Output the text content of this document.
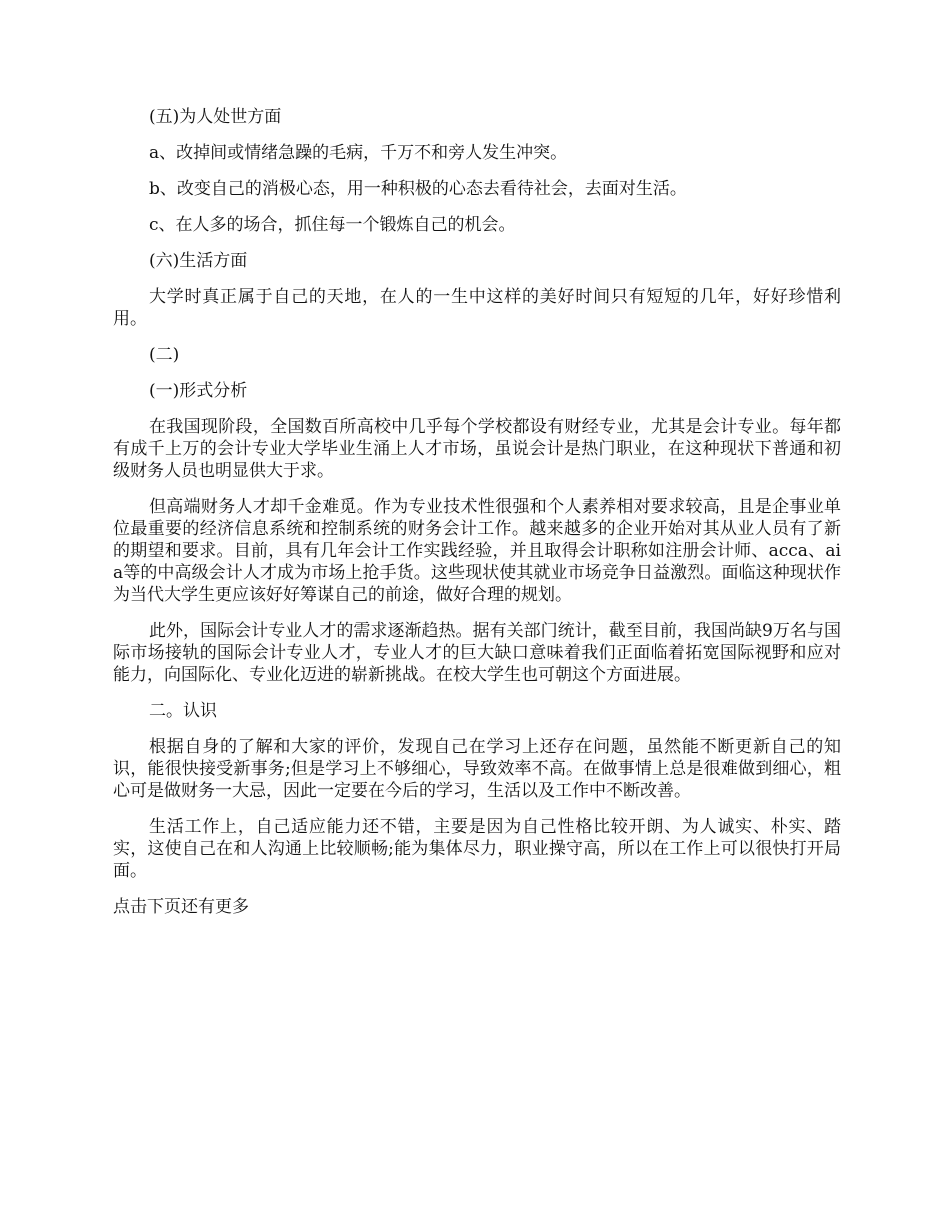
(五)为人处世方面

a、改掉间或情绪急躁的毛病，千万不和旁人发生冲突。

b、改变自己的消极心态，用一种积极的心态去看待社会，去面对生活。

c、在人多的场合，抓住每一个锻炼自己的机会。

(六)生活方面

大学时真正属于自己的天地，在人的一生中这样的美好时间只有短短的几年，好好珍惜利用。

(二)

(一)形式分析

在我国现阶段，全国数百所高校中几乎每个学校都设有财经专业，尤其是会计专业。每年都有成千上万的会计专业大学毕业生涌上人才市场，虽说会计是热门职业，在这种现状下普通和初级财务人员也明显供大于求。

但高端财务人才却千金难觅。作为专业技术性很强和个人素养相对要求较高，且是企事业单位最重要的经济信息系统和控制系统的财务会计工作。越来越多的企业开始对其从业人员有了新的期望和要求。目前，具有几年会计工作实践经验，并且取得会计职称如注册会计师、acca、aia等的中高级会计人才成为市场上抢手货。这些现状使其就业市场竞争日益激烈。面临这种现状作为当代大学生更应该好好筹谋自己的前途，做好合理的规划。

此外，国际会计专业人才的需求逐渐趋热。据有关部门统计，截至目前，我国尚缺9万名与国际市场接轨的国际会计专业人才，专业人才的巨大缺口意味着我们正面临着拓宽国际视野和应对能力，向国际化、专业化迈进的崭新挑战。在校大学生也可朝这个方面进展。

二。认识

根据自身的了解和大家的评价，发现自己在学习上还存在问题，虽然能不断更新自己的知识，能很快接受新事务;但是学习上不够细心，导致效率不高。在做事情上总是很难做到细心，粗心可是做财务一大忌，因此一定要在今后的学习，生活以及工作中不断改善。

生活工作上，自己适应能力还不错，主要是因为自己性格比较开朗、为人诚实、朴实、踏实，这使自己在和人沟通上比较顺畅;能为集体尽力，职业操守高，所以在工作上可以很快打开局面。

点击下页还有更多
